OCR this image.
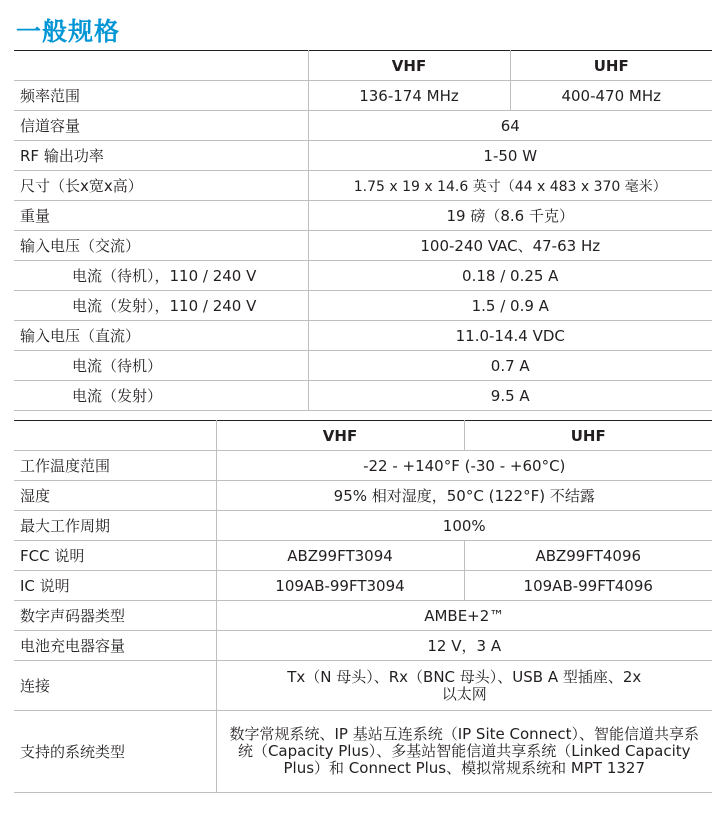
一般规格
	VHF	UHF
频率范围	136-174 MHz	400-470 MHz
信道容量	64	
RF 输出功率	1-50 W	
尺寸（长x宽x高）	1.75 x 19 x 14.6 英寸（44 x 483 x 370 毫米）	
重量	19 磅（8.6 千克）	
输入电压（交流）	100-240 VAC、47-63 Hz	
电流（待机），110 / 240 V	0.18 / 0.25 A	
电流（发射），110 / 240 V	1.5 / 0.9 A	
输入电压（直流）	11.0-14.4 VDC	
电流（待机）	0.7 A	
电流（发射）	9.5 A	
	VHF	UHF
工作温度范围	-22 - +140°F (-30 - +60°C)	
湿度	95% 相对湿度，50°C (122°F) 不结露	
最大工作周期	100%	
FCC 说明	ABZ99FT3094	ABZ99FT4096
IC 说明	109AB-99FT3094	109AB-99FT4096
数字声码器类型	AMBE+2™	
电池充电器容量	12 V，3 A	
连接	Tx（N 母头）、Rx（BNC 母头）、USB A 型插座、2x 以太网	

支持的系统类型	数字常规系统、IP 基站互连系统（IP Site Connect）、智能信道共享系统（Capacity Plus）、多基站智能信道共享系统（Linked Capacity Plus）和 Connect Plus、模拟常规系统和 MPT 1327	
